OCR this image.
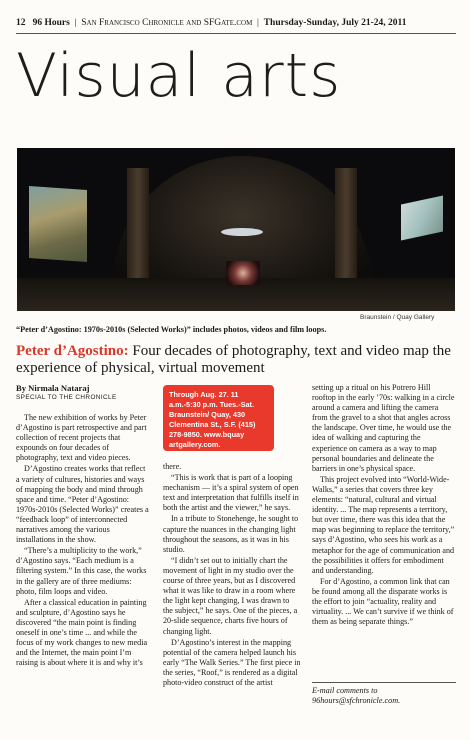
12 96 Hours | San Francisco Chronicle and SFGate.com | Thursday-Sunday, July 21-24, 2011
Visual arts
Braunstein / Quay Gallery
“Peter d’Agostino: 1970s-2010s (Selected Works)” includes photos, videos and film loops.
Peter d’Agostino: Four decades of photography, text and video map the experience of physical, virtual movement
By Nirmala Nataraj
SPECIAL TO THE CHRONICLE	Through Aug. 27. 11 a.m.-5:30 p.m. Tues.-Sat. Braunstein/ Quay, 430 Clementina St., S.F. (415) 278-9850. www.bquay artgallery.com.

The new exhibition of works by Peter d’Agostino is part retrospective and part collection of recent projects that expounds on four decades of photography, text and video pieces.

D’Agostino creates works that reflect a variety of cultures, histories and ways of mapping the body and mind through space and time. “Peter d’Agostino: 1970s-2010s (Selected Works)” creates a “feedback loop” of interconnected narratives among the various installations in the show.

“There’s a multiplicity to the work,” d’Agostino says. “Each medium is a filtering system.” In this case, the works in the gallery are of three mediums: photo, film loops and video.

After a classical education in painting and sculpture, d’Agostino says he discovered “the main point is finding oneself in one’s time ... and while the focus of my work changes to new media and the Internet, the main point I’m raising is about where it is and why it’s

there.

“This is work that is part of a looping mechanism — it’s a spiral system of open text and interpretation that fulfills itself in both the artist and the viewer,” he says.

In a tribute to Stonehenge, he sought to capture the nuances in the changing light throughout the seasons, as it was in his studio.

“I didn’t set out to initially chart the movement of light in my studio over the course of three years, but as I discovered what it was like to draw in a room where the light kept changing, I was drawn to the subject,” he says. One of the pieces, a 20-slide sequence, charts five hours of changing light.

D’Agostino’s interest in the mapping potential of the camera helped launch his early “The Walk Series.” The first piece in the series, “Roof,” is rendered as a digital photo-video construct of the artist

setting up a ritual on his Potrero Hill rooftop in the early ’70s: walking in a circle around a camera and lifting the camera from the gravel to a shot that angles across the landscape. Over time, he would use the idea of walking and capturing the experience on camera as a way to map personal boundaries and delineate the barriers in one’s physical space.

This project evolved into “World-Wide-Walks,” a series that covers three key elements: “natural, cultural and virtual identity. ... The map represents a territory, but over time, there was this idea that the map was beginning to replace the territory,” says d’Agostino, who sees his work as a metaphor for the age of communication and the possibilities it offers for embodiment and understanding.

For d’Agostino, a common link that can be found among all the disparate works is the effort to join “actuality, reality and virtuality. ... We can’t survive if we think of them as being separate things.”

E-mail comments to
96hours@sfchronicle.com.
